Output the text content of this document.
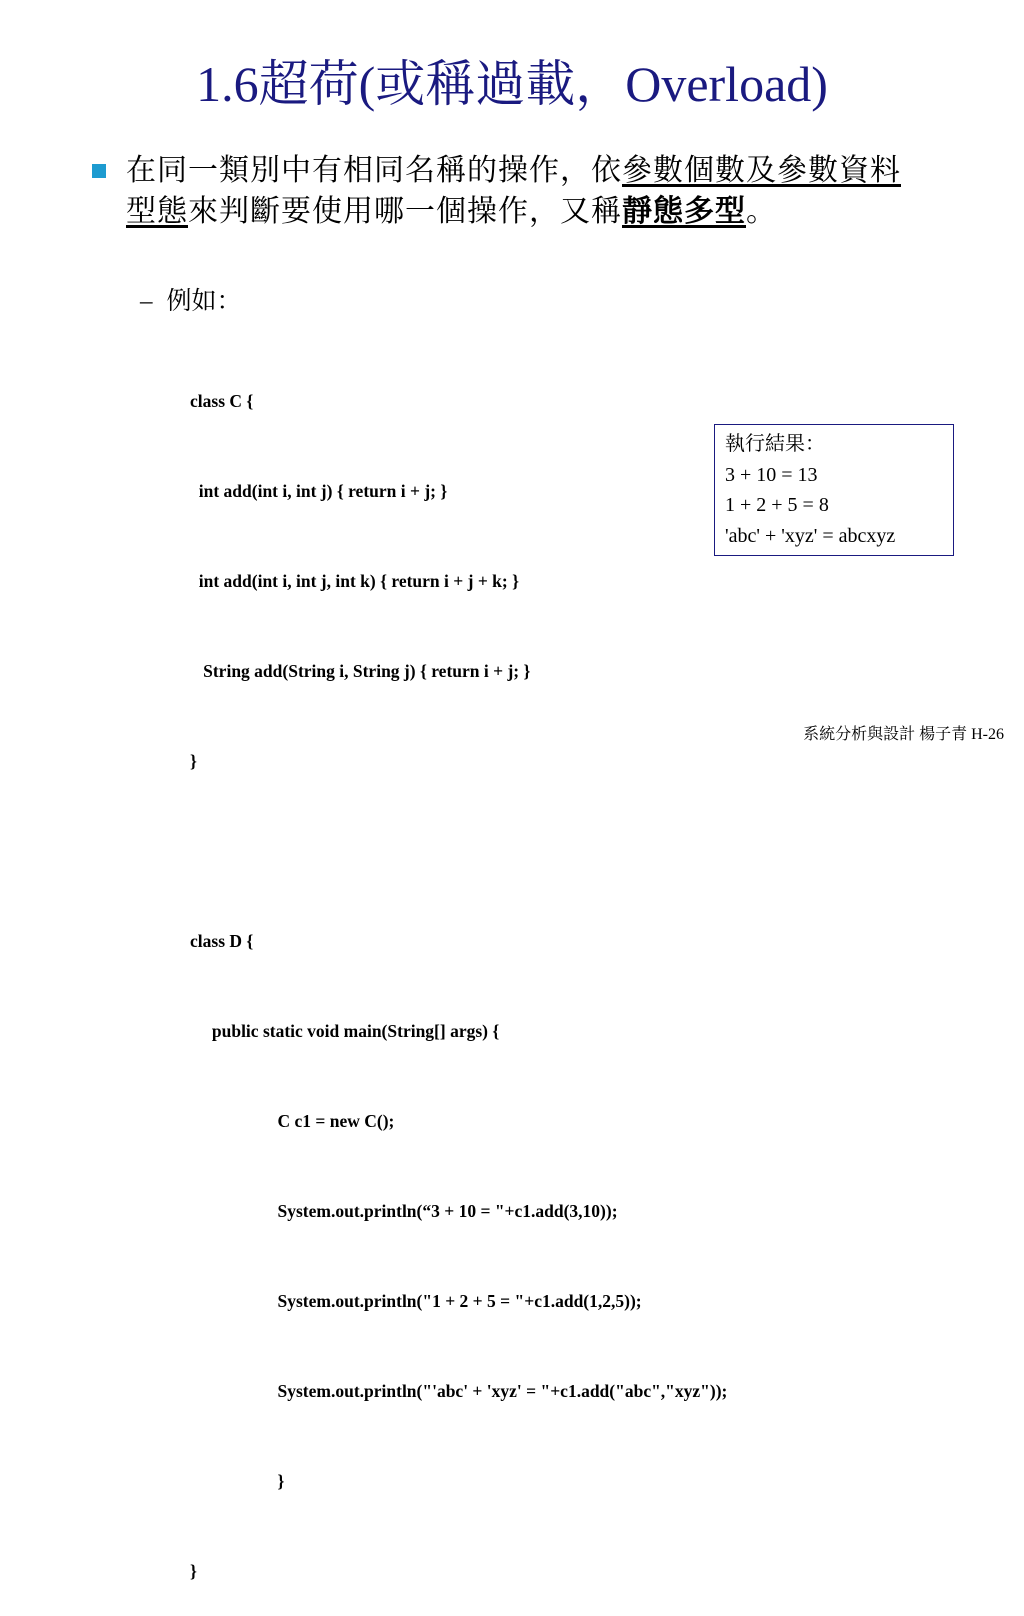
1.6超荷(或稱過載，Overload)
在同一類別中有相同名稱的操作，依參數個數及參數資料型態來判斷要使用哪一個操作，又稱靜態多型。
– 例如：

class C {

int add(int i, int j) { return i + j; }

int add(int i, int j, int k) { return i + j + k; }

String add(String i, String j) { return i + j; }

}

class D {

public static void main(String[] args) {

C c1 = new C();

System.out.println(“3 + 10 = "+c1.add(3,10));

System.out.println("1 + 2 + 5 = "+c1.add(1,2,5));

System.out.println("'abc' + 'xyz' = "+c1.add("abc","xyz"));

}

}

執行結果：
3 + 10 = 13
1 + 2 + 5 = 8
'abc' + 'xyz' = abcxyz
系統分析與設計 楊子青 H-26
